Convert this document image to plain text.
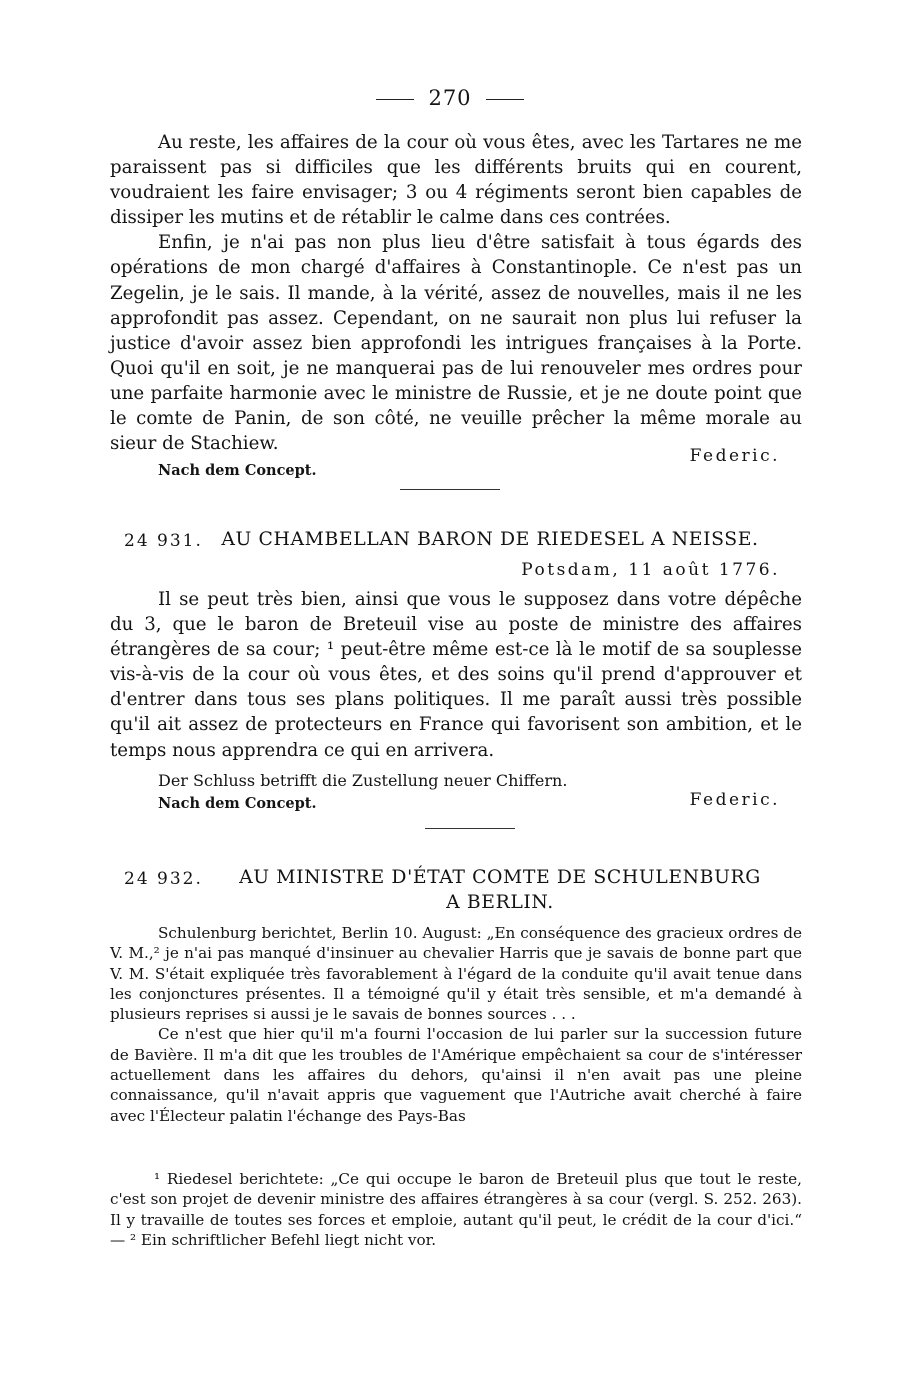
270

Au reste, les affaires de la cour où vous êtes, avec les Tartares ne me paraissent pas si difficiles que les différents bruits qui en courent, voudraient les faire envisager; 3 ou 4 régiments seront bien capables de dissiper les mutins et de rétablir le calme dans ces contrées.

Enfin, je n'ai pas non plus lieu d'être satisfait à tous égards des opérations de mon chargé d'affaires à Constantinople. Ce n'est pas un Zegelin, je le sais. Il mande, à la vérité, assez de nouvelles, mais il ne les approfondit pas assez. Cependant, on ne saurait non plus lui refuser la justice d'avoir assez bien approfondi les intrigues françaises à la Porte. Quoi qu'il en soit, je ne manquerai pas de lui renouveler mes ordres pour une parfaite harmonie avec le ministre de Russie, et je ne doute point que le comte de Panin, de son côté, ne veuille prêcher la même morale au sieur de Stachiew.

Federic.
Nach dem Concept.
24 931. AU CHAMBELLAN BARON DE RIEDESEL A NEISSE.
Potsdam, 11 août 1776.

Il se peut très bien, ainsi que vous le supposez dans votre dépêche du 3, que le baron de Breteuil vise au poste de ministre des affaires étrangères de sa cour; ¹ peut-être même est-ce là le motif de sa souplesse vis-à-vis de la cour où vous êtes, et des soins qu'il prend d'approuver et d'entrer dans tous ses plans politiques. Il me paraît aussi très possible qu'il ait assez de protecteurs en France qui favorisent son ambition, et le temps nous apprendra ce qui en arrivera.

Der Schluss betrifft die Zustellung neuer Chiffern.
Nach dem Concept.	Federic.
24 932.	AU MINISTRE D'ÉTAT COMTE DE SCHULENBURG
A BERLIN.

Schulenburg berichtet, Berlin 10. August: „En conséquence des gracieux ordres de V. M.,² je n'ai pas manqué d'insinuer au chevalier Harris que je savais de bonne part que V. M. S'était expliquée très favorablement à l'égard de la conduite qu'il avait tenue dans les conjonctures présentes. Il a témoigné qu'il y était très sensible, et m'a demandé à plusieurs reprises si aussi je le savais de bonnes sources . . .

Ce n'est que hier qu'il m'a fourni l'occasion de lui parler sur la succession future de Bavière. Il m'a dit que les troubles de l'Amérique empêchaient sa cour de s'intéresser actuellement dans les affaires du dehors, qu'ainsi il n'en avait pas une pleine connaissance, qu'il n'avait appris que vaguement que l'Autriche avait cherché à faire avec l'Électeur palatin l'échange des Pays-Bas

¹ Riedesel berichtete: „Ce qui occupe le baron de Breteuil plus que tout le reste, c'est son projet de devenir ministre des affaires étrangères à sa cour (vergl. S. 252. 263). Il y travaille de toutes ses forces et emploie, autant qu'il peut, le crédit de la cour d'ici.“ — ² Ein schriftlicher Befehl liegt nicht vor.
